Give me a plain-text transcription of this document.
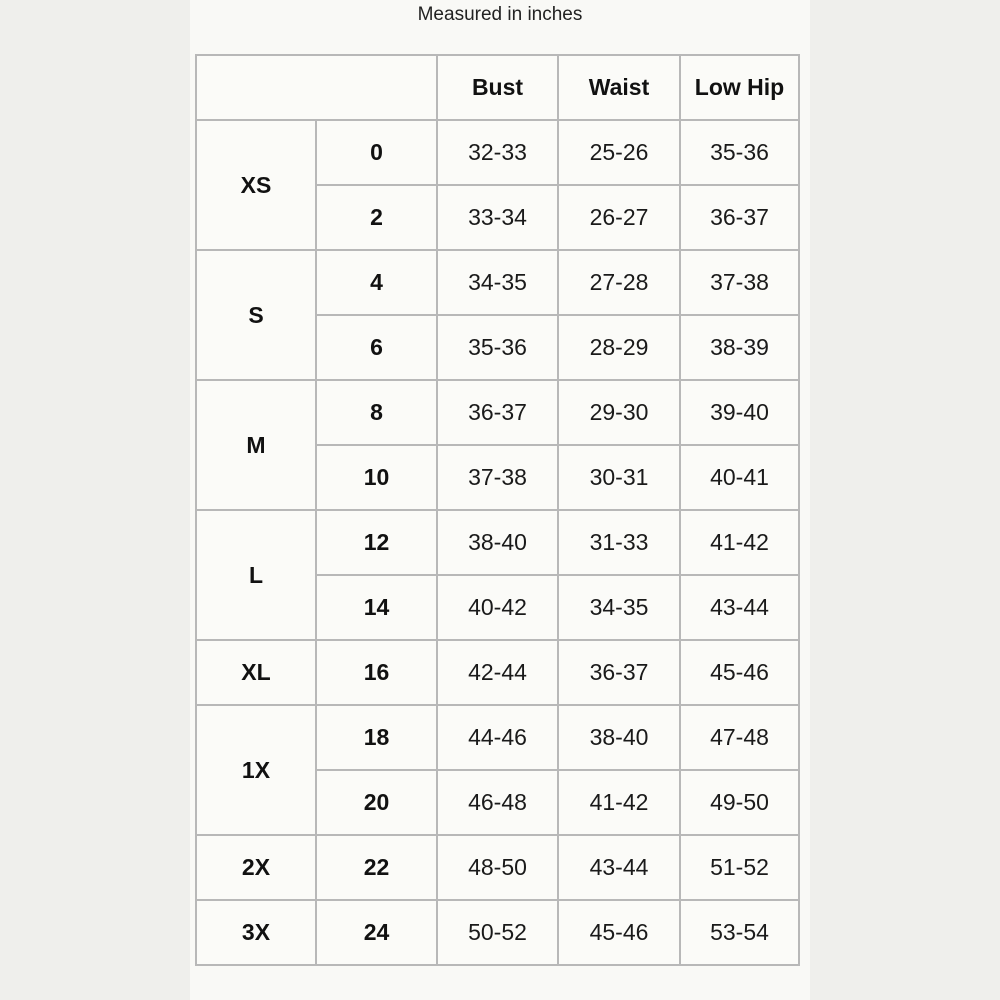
Measured in inches
		Bust	Waist	Low Hip
XS	0	32-33	25-26	35-36
	2	33-34	26-27	36-37
S	4	34-35	27-28	37-38
	6	35-36	28-29	38-39
M	8	36-37	29-30	39-40
	10	37-38	30-31	40-41
L	12	38-40	31-33	41-42
	14	40-42	34-35	43-44
XL	16	42-44	36-37	45-46
1X	18	44-46	38-40	47-48
	20	46-48	41-42	49-50
2X	22	48-50	43-44	51-52
3X	24	50-52	45-46	53-54
